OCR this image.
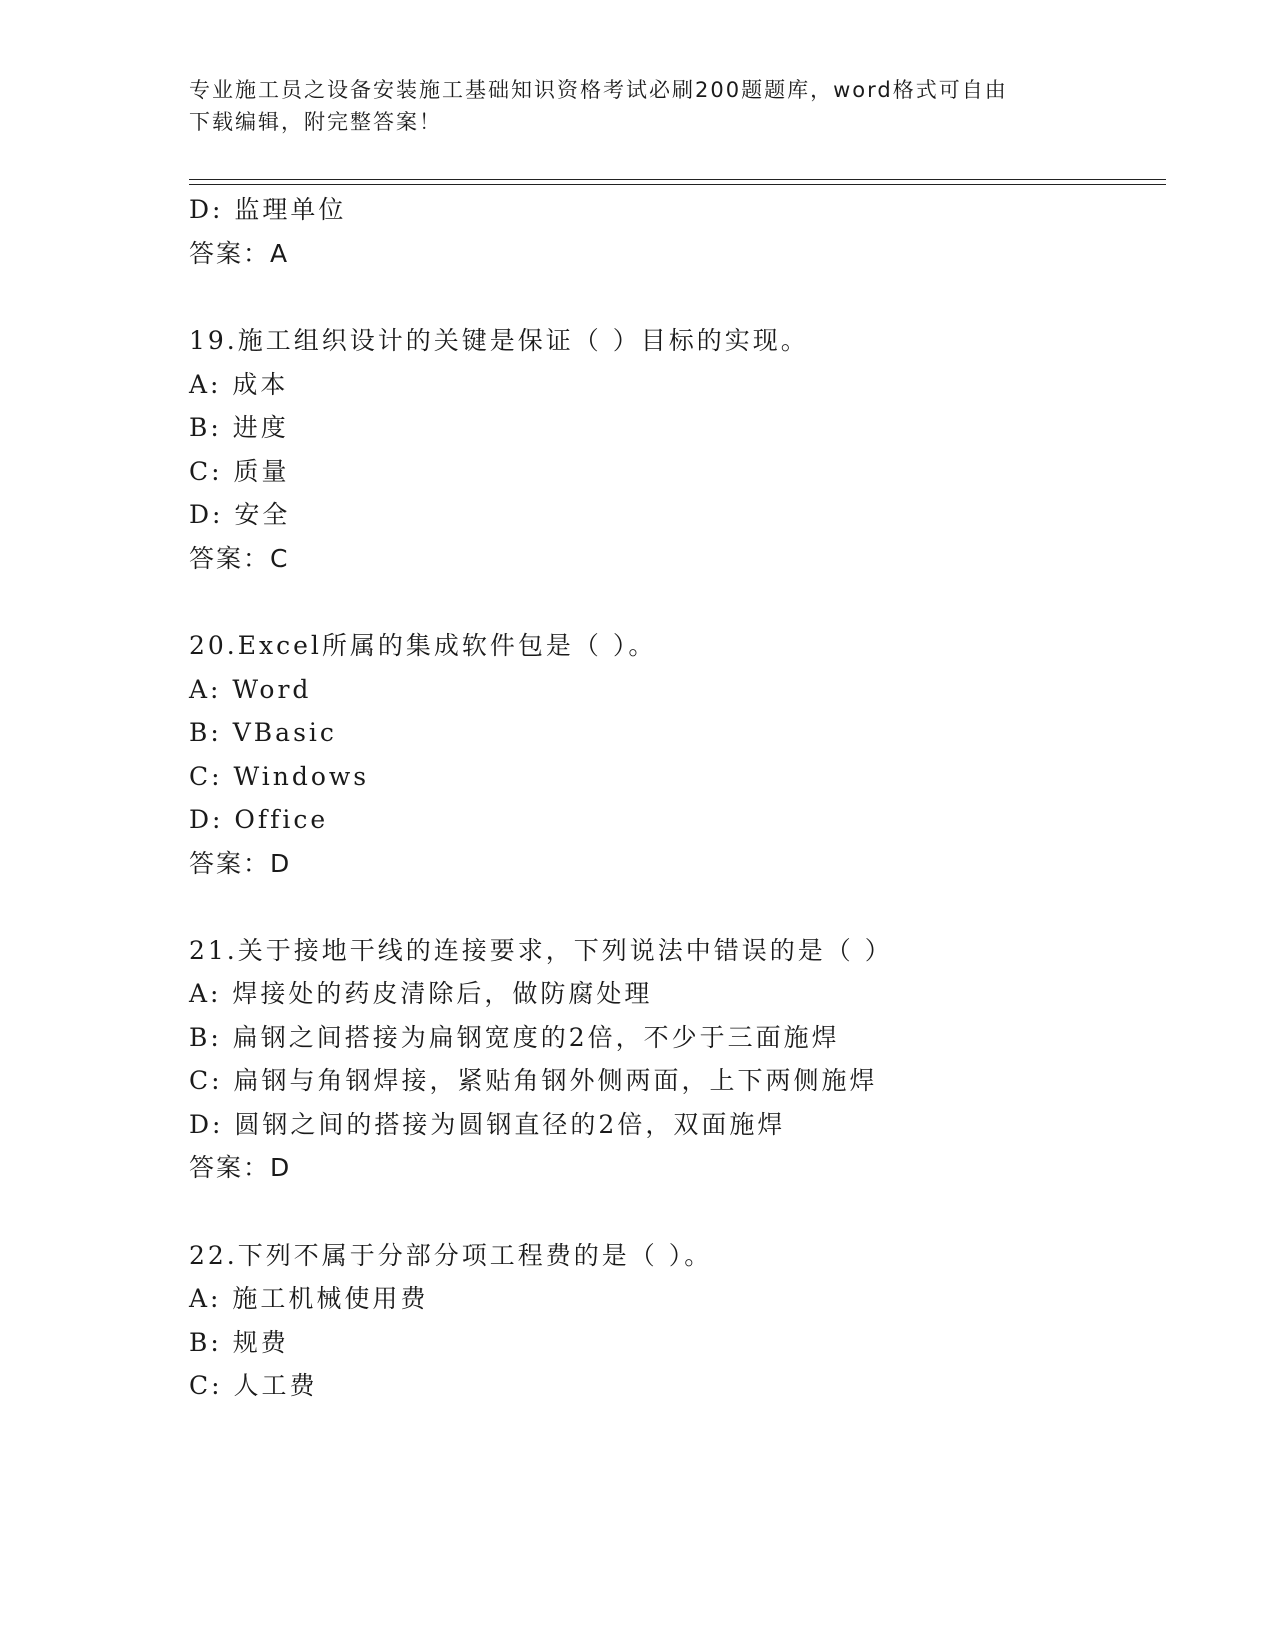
专业施工员之设备安装施工基础知识资格考试必刷200题题库，word格式可自由
下载编辑，附完整答案！
D: 监理单位
答案：A
19.施工组织设计的关键是保证（ ）目标的实现。
A: 成本
B: 进度
C: 质量
D: 安全
答案：C
20.Excel所属的集成软件包是（ ）。
A: Word
B: VBasic
C: Windows
D: Office
答案：D
21.关于接地干线的连接要求，下列说法中错误的是（ ）
A: 焊接处的药皮清除后，做防腐处理
B: 扁钢之间搭接为扁钢宽度的2倍，不少于三面施焊
C: 扁钢与角钢焊接，紧贴角钢外侧两面，上下两侧施焊
D: 圆钢之间的搭接为圆钢直径的2倍，双面施焊
答案：D
22.下列不属于分部分项工程费的是（ ）。
A: 施工机械使用费
B: 规费
C: 人工费
